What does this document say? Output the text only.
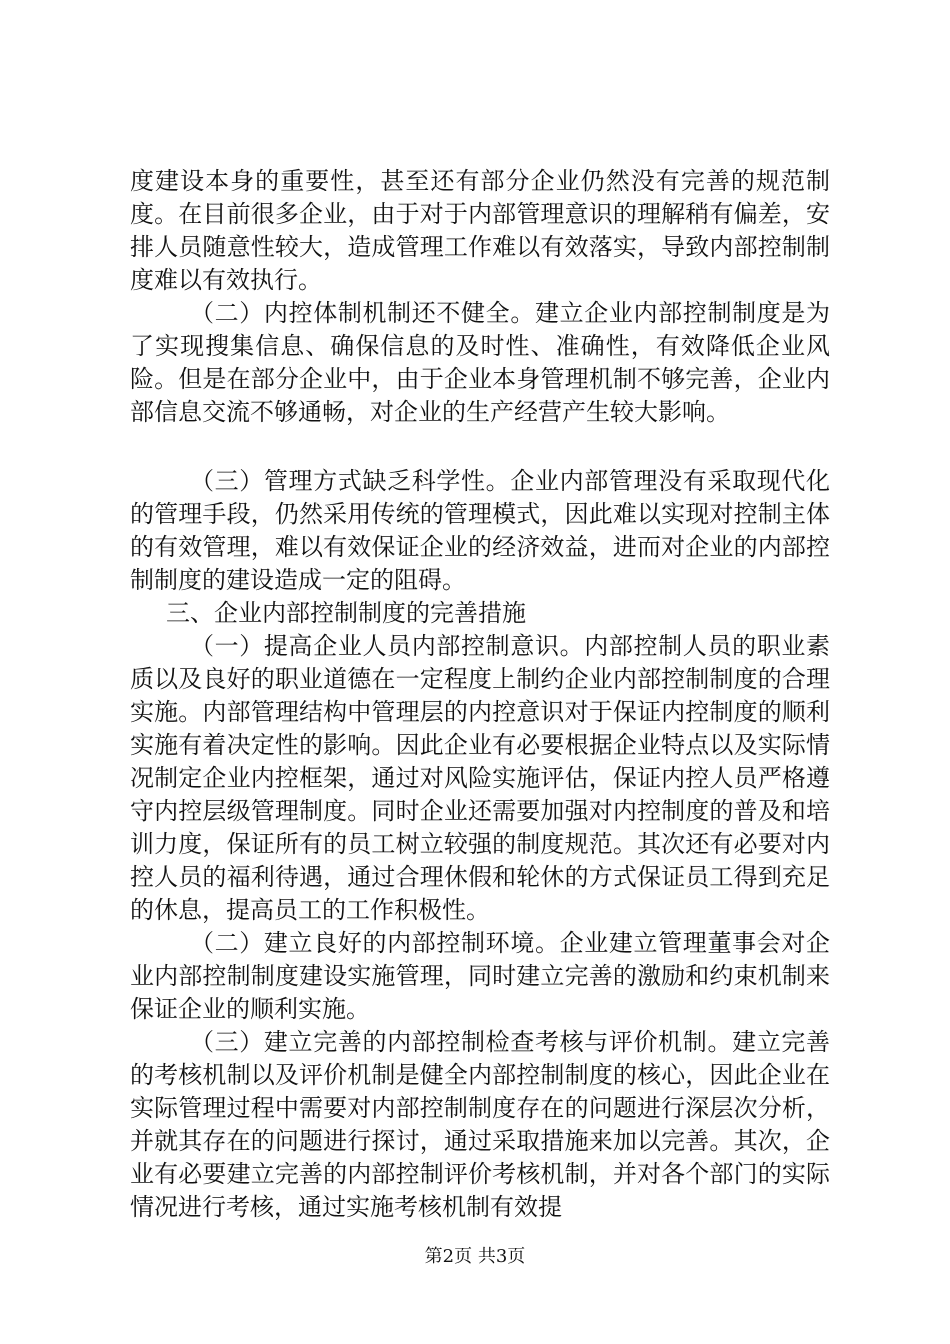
度建设本身的重要性，甚至还有部分企业仍然没有完善的规范制度。在目前很多企业，由于对于内部管理意识的理解稍有偏差，安排人员随意性较大，造成管理工作难以有效落实，导致内部控制制度难以有效执行。

（二）内控体制机制还不健全。建立企业内部控制制度是为了实现搜集信息、确保信息的及时性、准确性，有效降低企业风险。但是在部分企业中，由于企业本身管理机制不够完善，企业内部信息交流不够通畅，对企业的生产经营产生较大影响。

（三）管理方式缺乏科学性。企业内部管理没有采取现代化的管理手段，仍然采用传统的管理模式，因此难以实现对控制主体的有效管理，难以有效保证企业的经济效益，进而对企业的内部控制制度的建设造成一定的阻碍。

三、企业内部控制制度的完善措施

（一）提高企业人员内部控制意识。内部控制人员的职业素质以及良好的职业道德在一定程度上制约企业内部控制制度的合理实施。内部管理结构中管理层的内控意识对于保证内控制度的顺利实施有着决定性的影响。因此企业有必要根据企业特点以及实际情况制定企业内控框架，通过对风险实施评估，保证内控人员严格遵守内控层级管理制度。同时企业还需要加强对内控制度的普及和培训力度，保证所有的员工树立较强的制度规范。其次还有必要对内控人员的福利待遇，通过合理休假和轮休的方式保证员工得到充足的休息，提高员工的工作积极性。

（二）建立良好的内部控制环境。企业建立管理董事会对企业内部控制制度建设实施管理，同时建立完善的激励和约束机制来保证企业的顺利实施。

（三）建立完善的内部控制检查考核与评价机制。建立完善的考核机制以及评价机制是健全内部控制制度的核心，因此企业在实际管理过程中需要对内部控制制度存在的问题进行深层次分析，并就其存在的问题进行探讨，通过采取措施来加以完善。其次，企业有必要建立完善的内部控制评价考核机制，并对各个部门的实际情况进行考核，通过实施考核机制有效提

第2页 共3页
